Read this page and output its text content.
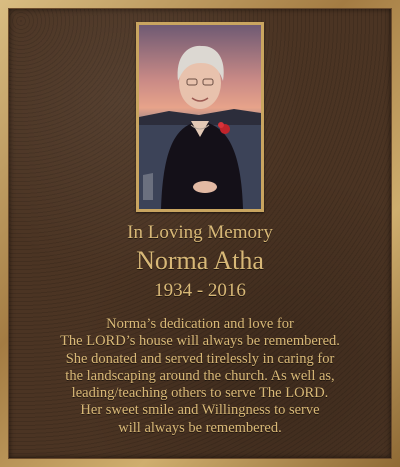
In Loving Memory
Norma Atha
1934 - 2016
Norma’s dedication and love for
The LORD’s house will always be remembered.
She donated and served tirelessly in caring for
the landscaping around the church. As well as,
leading/teaching others to serve The LORD.
Her sweet smile and Willingness to serve
will always be remembered.
